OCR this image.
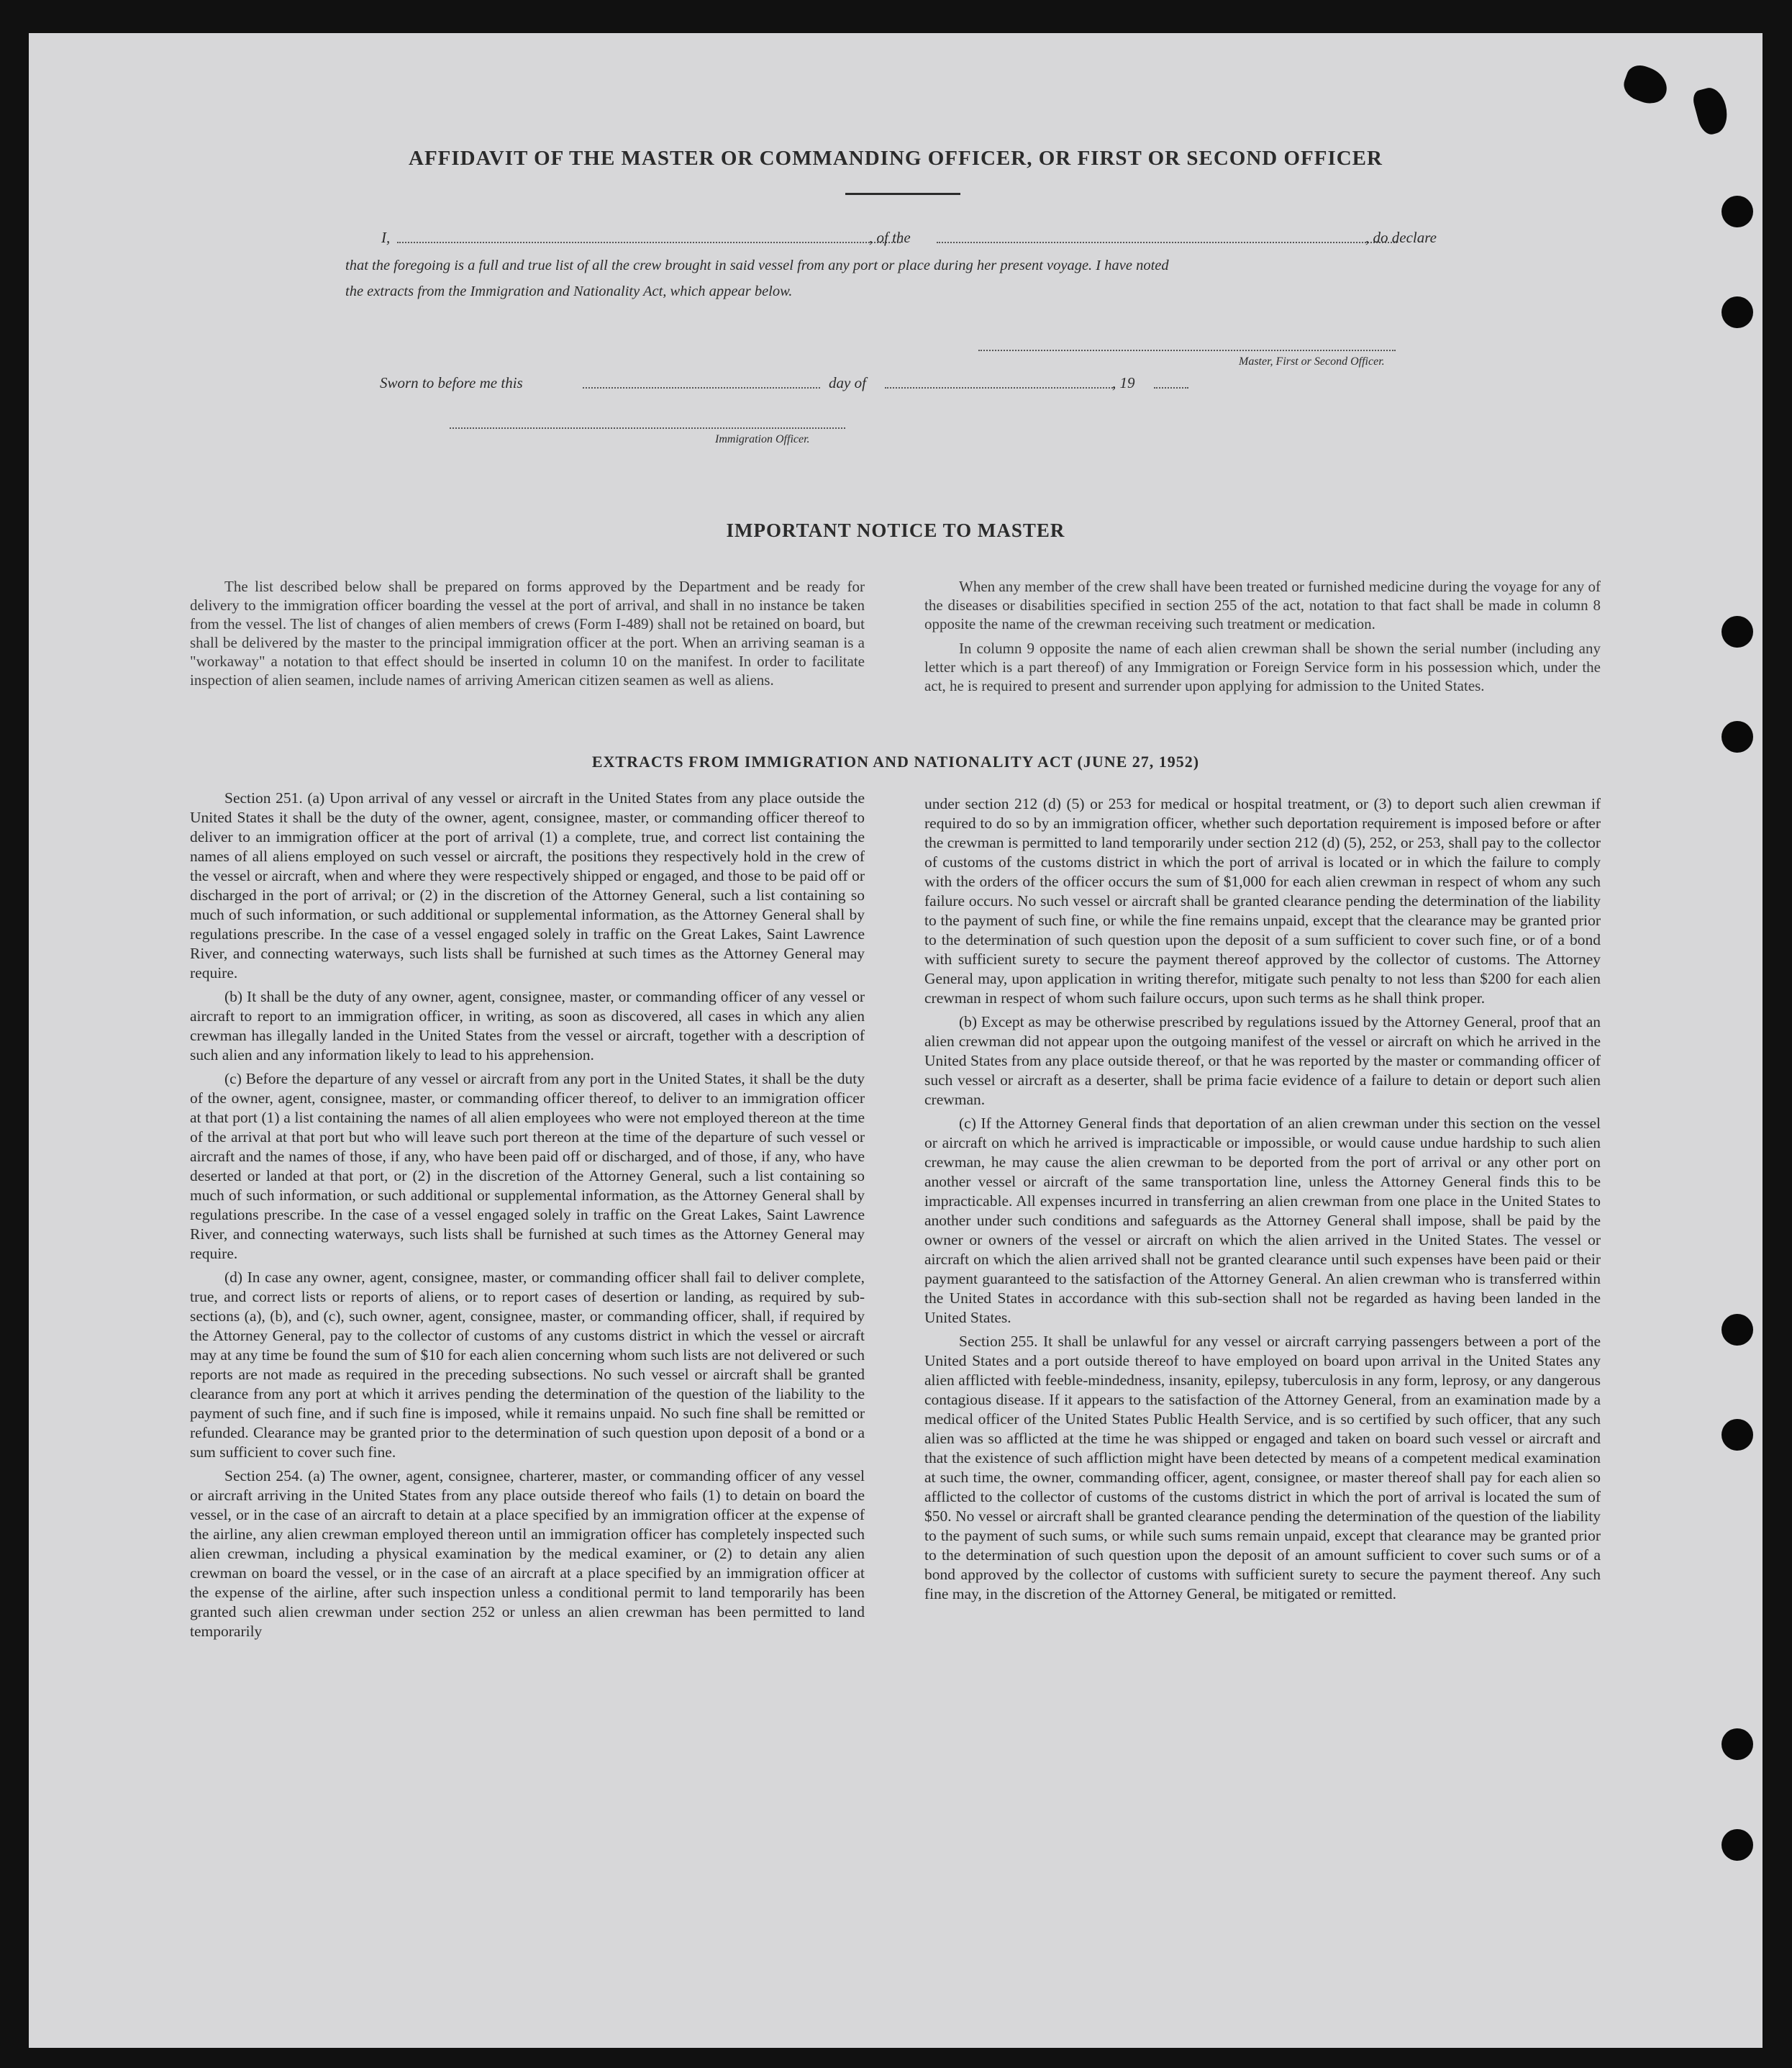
AFFIDAVIT OF THE MASTER OR COMMANDING OFFICER, OR FIRST OR SECOND OFFICER
I,	, of the	, do declare
that the foregoing is a full and true list of all the crew brought in said vessel from any port or place during her present voyage. I have noted
the extracts from the Immigration and Nationality Act, which appear below.
Master, First or Second Officer.
Sworn to before me this	day of	, 19
Immigration Officer.
IMPORTANT NOTICE TO MASTER

The list described below shall be prepared on forms approved by the Department and be ready for delivery to the immigration officer boarding the vessel at the port of arrival, and shall in no instance be taken from the vessel. The list of changes of alien members of crews (Form I-489) shall not be retained on board, but shall be delivered by the master to the principal immigration officer at the port. When an arriving seaman is a "workaway" a notation to that effect should be inserted in column 10 on the manifest. In order to facilitate inspection of alien seamen, include names of arriving American citizen seamen as well as aliens.

When any member of the crew shall have been treated or furnished medicine during the voyage for any of the diseases or disabilities specified in section 255 of the act, notation to that fact shall be made in column 8 opposite the name of the crewman receiving such treatment or medication.

In column 9 opposite the name of each alien crewman shall be shown the serial number (including any letter which is a part thereof) of any Immigration or Foreign Service form in his possession which, under the act, he is required to present and surrender upon applying for admission to the United States.

EXTRACTS FROM IMMIGRATION AND NATIONALITY ACT (JUNE 27, 1952)

Section 251. (a) Upon arrival of any vessel or aircraft in the United States from any place outside the United States it shall be the duty of the owner, agent, consignee, master, or commanding officer thereof to deliver to an immigration officer at the port of arrival (1) a complete, true, and correct list containing the names of all aliens employed on such vessel or aircraft, the positions they respectively hold in the crew of the vessel or aircraft, when and where they were respectively shipped or engaged, and those to be paid off or discharged in the port of arrival; or (2) in the discretion of the Attorney General, such a list containing so much of such information, or such additional or supplemental information, as the Attorney General shall by regulations prescribe. In the case of a vessel engaged solely in traffic on the Great Lakes, Saint Lawrence River, and connecting waterways, such lists shall be furnished at such times as the Attorney General may require.

(b) It shall be the duty of any owner, agent, consignee, master, or commanding officer of any vessel or aircraft to report to an immigration officer, in writing, as soon as discovered, all cases in which any alien crewman has illegally landed in the United States from the vessel or aircraft, together with a description of such alien and any information likely to lead to his apprehension.

(c) Before the departure of any vessel or aircraft from any port in the United States, it shall be the duty of the owner, agent, consignee, master, or commanding officer thereof, to deliver to an immigration officer at that port (1) a list containing the names of all alien employees who were not employed thereon at the time of the arrival at that port but who will leave such port thereon at the time of the departure of such vessel or aircraft and the names of those, if any, who have been paid off or discharged, and of those, if any, who have deserted or landed at that port, or (2) in the discretion of the Attorney General, such a list containing so much of such information, or such additional or supplemental information, as the Attorney General shall by regulations prescribe. In the case of a vessel engaged solely in traffic on the Great Lakes, Saint Lawrence River, and connecting waterways, such lists shall be furnished at such times as the Attorney General may require.

(d) In case any owner, agent, consignee, master, or commanding officer shall fail to deliver complete, true, and correct lists or reports of aliens, or to report cases of desertion or landing, as required by sub-sections (a), (b), and (c), such owner, agent, consignee, master, or commanding officer, shall, if required by the Attorney General, pay to the collector of customs of any customs district in which the vessel or aircraft may at any time be found the sum of $10 for each alien concerning whom such lists are not delivered or such reports are not made as required in the preceding subsections. No such vessel or aircraft shall be granted clearance from any port at which it arrives pending the determination of the question of the liability to the payment of such fine, and if such fine is imposed, while it remains unpaid. No such fine shall be remitted or refunded. Clearance may be granted prior to the determination of such question upon deposit of a bond or a sum sufficient to cover such fine.

Section 254. (a) The owner, agent, consignee, charterer, master, or commanding officer of any vessel or aircraft arriving in the United States from any place outside thereof who fails (1) to detain on board the vessel, or in the case of an aircraft to detain at a place specified by an immigration officer at the expense of the airline, any alien crewman employed thereon until an immigration officer has completely inspected such alien crewman, including a physical examination by the medical examiner, or (2) to detain any alien crewman on board the vessel, or in the case of an aircraft at a place specified by an immigration officer at the expense of the airline, after such inspection unless a conditional permit to land temporarily has been granted such alien crewman under section 252 or unless an alien crewman has been permitted to land temporarily

under section 212 (d) (5) or 253 for medical or hospital treatment, or (3) to deport such alien crewman if required to do so by an immigration officer, whether such deportation requirement is imposed before or after the crewman is permitted to land temporarily under section 212 (d) (5), 252, or 253, shall pay to the collector of customs of the customs district in which the port of arrival is located or in which the failure to comply with the orders of the officer occurs the sum of $1,000 for each alien crewman in respect of whom any such failure occurs. No such vessel or aircraft shall be granted clearance pending the determination of the liability to the payment of such fine, or while the fine remains unpaid, except that the clearance may be granted prior to the determination of such question upon the deposit of a sum sufficient to cover such fine, or of a bond with sufficient surety to secure the payment thereof approved by the collector of customs. The Attorney General may, upon application in writing therefor, mitigate such penalty to not less than $200 for each alien crewman in respect of whom such failure occurs, upon such terms as he shall think proper.

(b) Except as may be otherwise prescribed by regulations issued by the Attorney General, proof that an alien crewman did not appear upon the outgoing manifest of the vessel or aircraft on which he arrived in the United States from any place outside thereof, or that he was reported by the master or commanding officer of such vessel or aircraft as a deserter, shall be prima facie evidence of a failure to detain or deport such alien crewman.

(c) If the Attorney General finds that deportation of an alien crewman under this section on the vessel or aircraft on which he arrived is impracticable or impossible, or would cause undue hardship to such alien crewman, he may cause the alien crewman to be deported from the port of arrival or any other port on another vessel or aircraft of the same transportation line, unless the Attorney General finds this to be impracticable. All expenses incurred in transferring an alien crewman from one place in the United States to another under such conditions and safeguards as the Attorney General shall impose, shall be paid by the owner or owners of the vessel or aircraft on which the alien arrived in the United States. The vessel or aircraft on which the alien arrived shall not be granted clearance until such expenses have been paid or their payment guaranteed to the satisfaction of the Attorney General. An alien crewman who is transferred within the United States in accordance with this sub-section shall not be regarded as having been landed in the United States.

Section 255. It shall be unlawful for any vessel or aircraft carrying passengers between a port of the United States and a port outside thereof to have employed on board upon arrival in the United States any alien afflicted with feeble-mindedness, insanity, epilepsy, tuberculosis in any form, leprosy, or any dangerous contagious disease. If it appears to the satisfaction of the Attorney General, from an examination made by a medical officer of the United States Public Health Service, and is so certified by such officer, that any such alien was so afflicted at the time he was shipped or engaged and taken on board such vessel or aircraft and that the existence of such affliction might have been detected by means of a competent medical examination at such time, the owner, commanding officer, agent, consignee, or master thereof shall pay for each alien so afflicted to the collector of customs of the customs district in which the port of arrival is located the sum of $50. No vessel or aircraft shall be granted clearance pending the determination of the question of the liability to the payment of such sums, or while such sums remain unpaid, except that clearance may be granted prior to the determination of such question upon the deposit of an amount sufficient to cover such sums or of a bond approved by the collector of customs with sufficient surety to secure the payment thereof. Any such fine may, in the discretion of the Attorney General, be mitigated or remitted.
